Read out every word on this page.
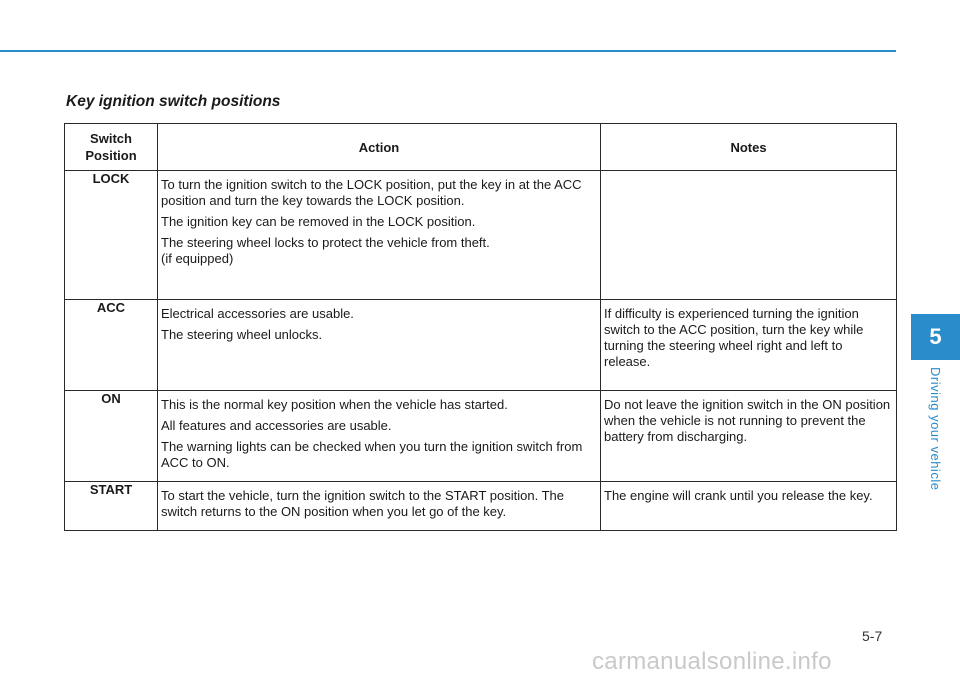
Key ignition switch positions
Switch
Position	Action	Notes
LOCK	To turn the ignition switch to the LOCK position, put the key in at the ACC position and turn the key towards the LOCK position.

The ignition key can be removed in the LOCK position.

The steering wheel locks to protect the vehicle from theft.
(if equipped)	

ACC	Electrical accessories are usable.

The steering wheel unlocks.	If difficulty is experienced turning the ignition switch to the ACC position, turn the key while turning the steering wheel right and left to release.
ON	This is the normal key position when the vehicle has started.

All features and accessories are usable.

The warning lights can be checked when you turn the ignition switch from ACC to ON.	Do not leave the ignition switch in the ON position when the vehicle is not running to prevent the battery from discharging.
START	To start the vehicle, turn the ignition switch to the START position. The switch returns to the ON position when you let go of the key.	The engine will crank until you release the key.
5
Driving your vehicle
5-7
carmanualsonline.info
